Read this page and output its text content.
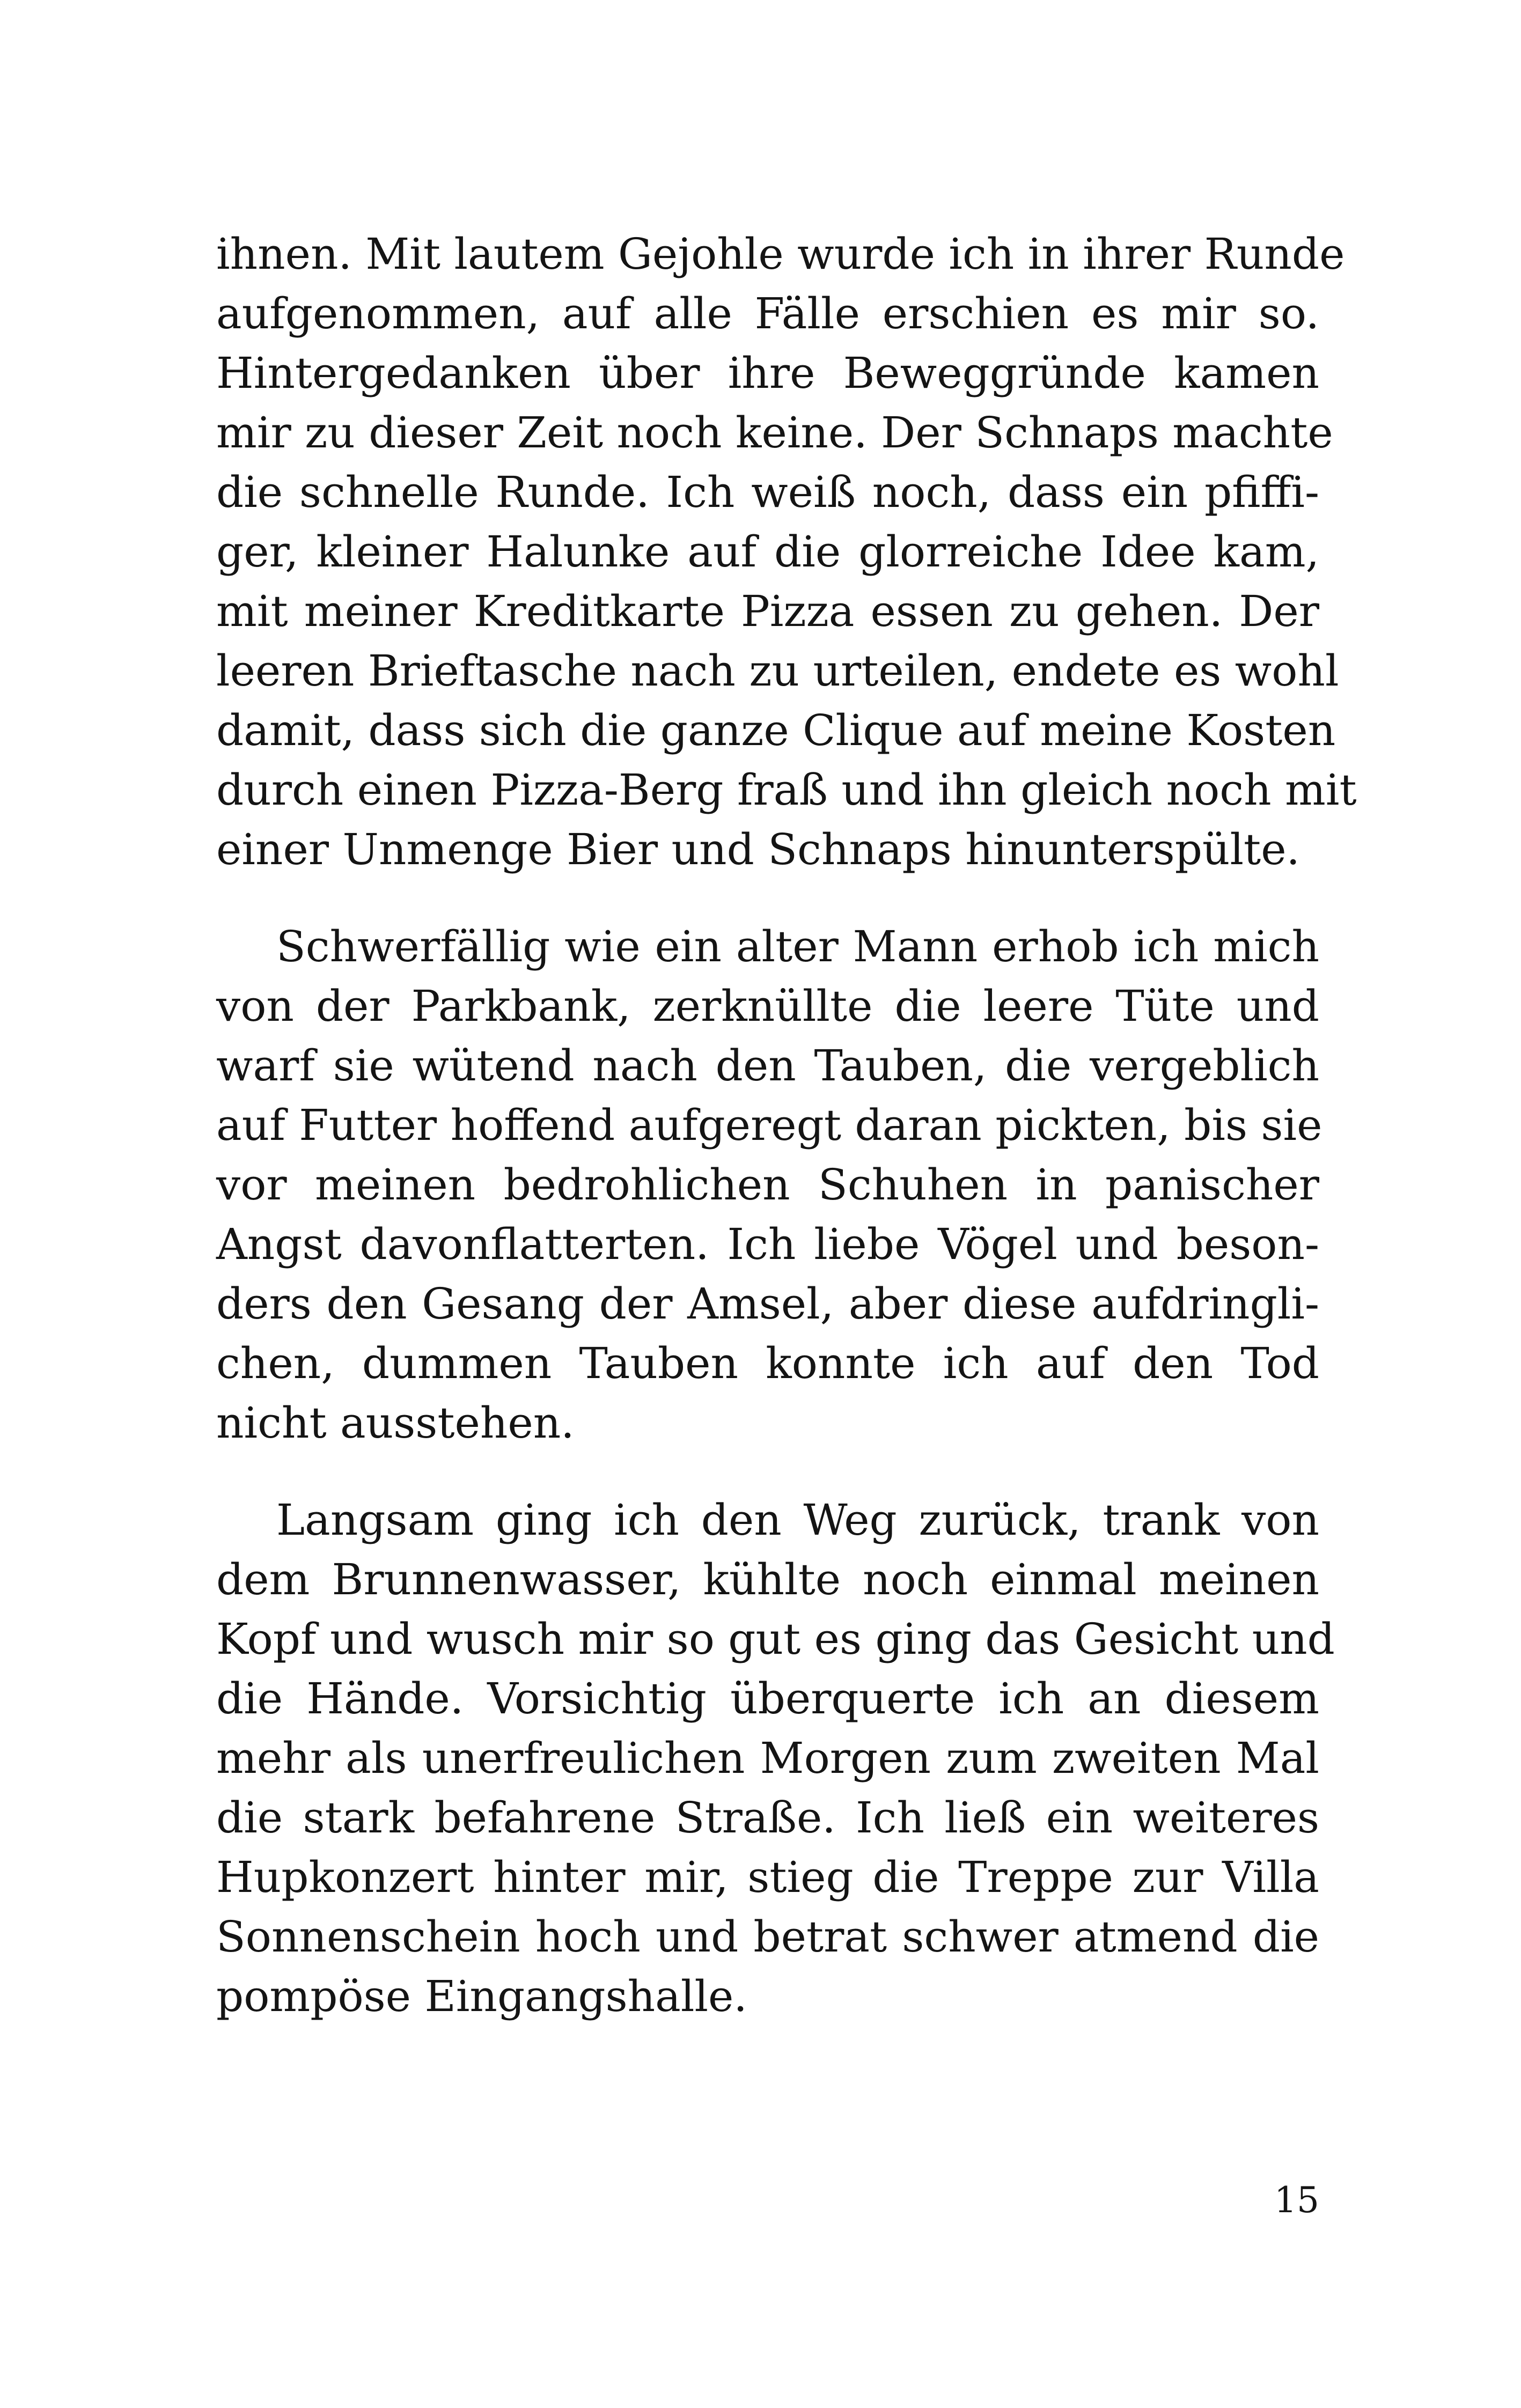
ihnen. Mit lautem Gejohle wurde ich in ihrer Runde
aufgenommen, auf alle Fälle erschien es mir so.
Hintergedanken über ihre Beweggründe kamen
mir zu dieser Zeit noch keine. Der Schnaps machte
die schnelle Runde. Ich weiß noch, dass ein pfiffi-
ger, kleiner Halunke auf die glorreiche Idee kam,
mit meiner Kreditkarte Pizza essen zu gehen. Der
leeren Brieftasche nach zu urteilen, endete es wohl
damit, dass sich die ganze Clique auf meine Kosten
durch einen Pizza-Berg fraß und ihn gleich noch mit
einer Unmenge Bier und Schnaps hinunterspülte.

Schwerfällig wie ein alter Mann erhob ich mich
von der Parkbank, zerknüllte die leere Tüte und
warf sie wütend nach den Tauben, die vergeblich
auf Futter hoffend aufgeregt daran pickten, bis sie
vor meinen bedrohlichen Schuhen in panischer
Angst davonflatterten. Ich liebe Vögel und beson-
ders den Gesang der Amsel, aber diese aufdringli-
chen, dummen Tauben konnte ich auf den Tod
nicht ausstehen.

Langsam ging ich den Weg zurück, trank von
dem Brunnenwasser, kühlte noch einmal meinen
Kopf und wusch mir so gut es ging das Gesicht und
die Hände. Vorsichtig überquerte ich an diesem
mehr als unerfreulichen Morgen zum zweiten Mal
die stark befahrene Straße. Ich ließ ein weiteres
Hupkonzert hinter mir, stieg die Treppe zur Villa
Sonnenschein hoch und betrat schwer atmend die
pompöse Eingangshalle.

15
